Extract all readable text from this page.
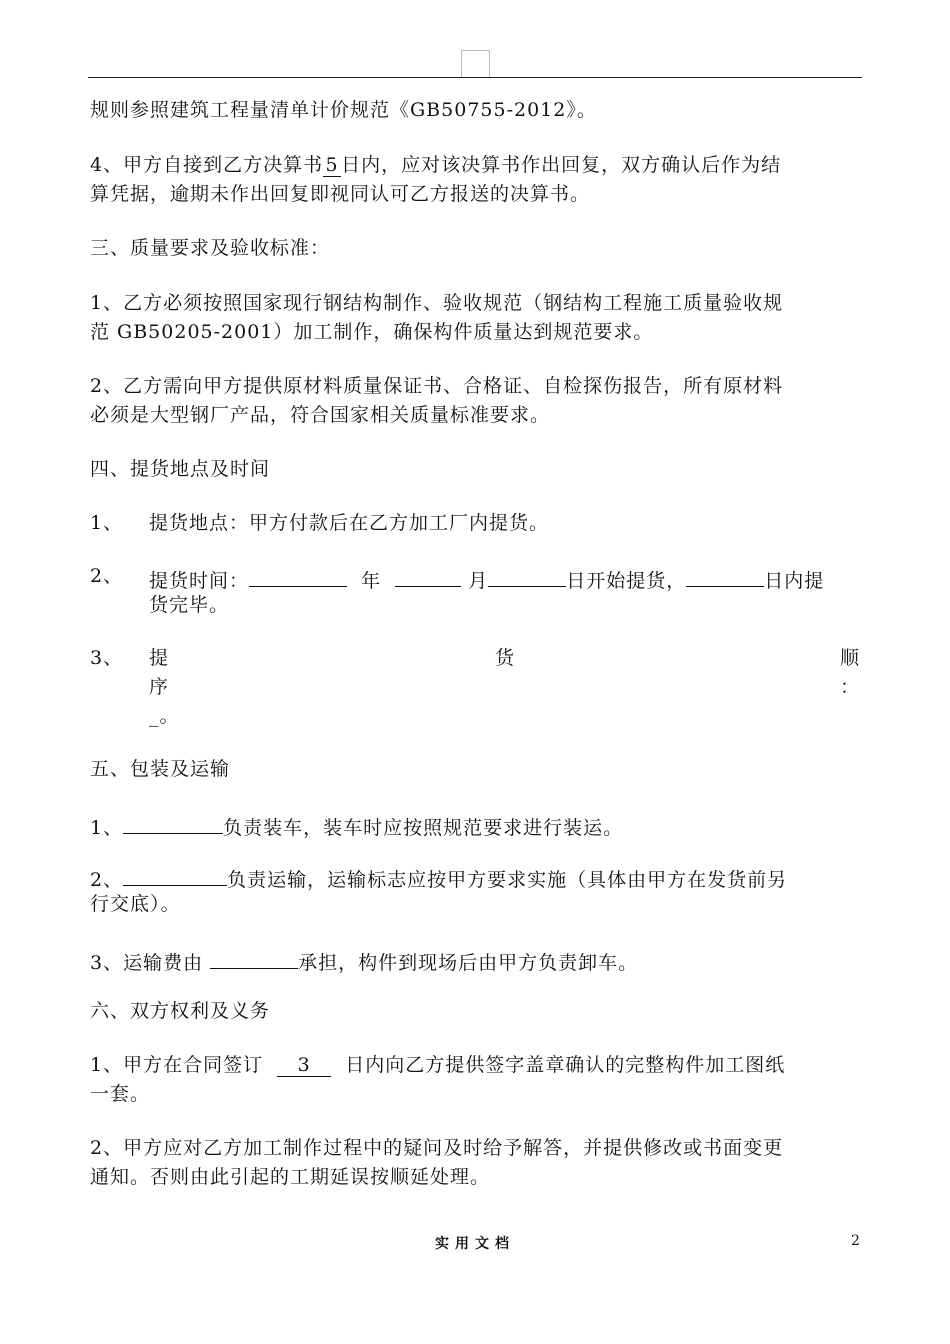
规则参照建筑工程量清单计价规范《GB50755-2012》。
4、甲方自接到乙方决算书 5 日内，应对该决算书作出回复，双方确认后作为结
算凭据，逾期未作出回复即视同认可乙方报送的决算书。
三、质量要求及验收标准：
1、乙方必须按照国家现行钢结构制作、验收规范（钢结构工程施工质量验收规
范 GB50205-2001）加工制作，确保构件质量达到规范要求。
2、乙方需向甲方提供原材料质量保证书、合格证、自检探伤报告，所有原材料
必须是大型钢厂产品，符合国家相关质量标准要求。
四、提货地点及时间
1、 提货地点：甲方付款后在乙方加工厂内提货。
2、 提货时间：	年	月	日开始提货，	日内提
货完毕。
3、 提	货	顺
序	：
_。
五、包装及运输
1、	负责装车，装车时应按照规范要求进行装运。
2、	负责运输，运输标志应按甲方要求实施（具体由甲方在发货前另
行交底）。
3、运输费由	承担，构件到现场后由甲方负责卸车。
六、双方权利及义务
1、甲方在合同签订 3 日内向乙方提供签字盖章确认的完整构件加工图纸
一套。
2、甲方应对乙方加工制作过程中的疑问及时给予解答，并提供修改或书面变更
通知。否则由此引起的工期延误按顺延处理。
实用文档	2
